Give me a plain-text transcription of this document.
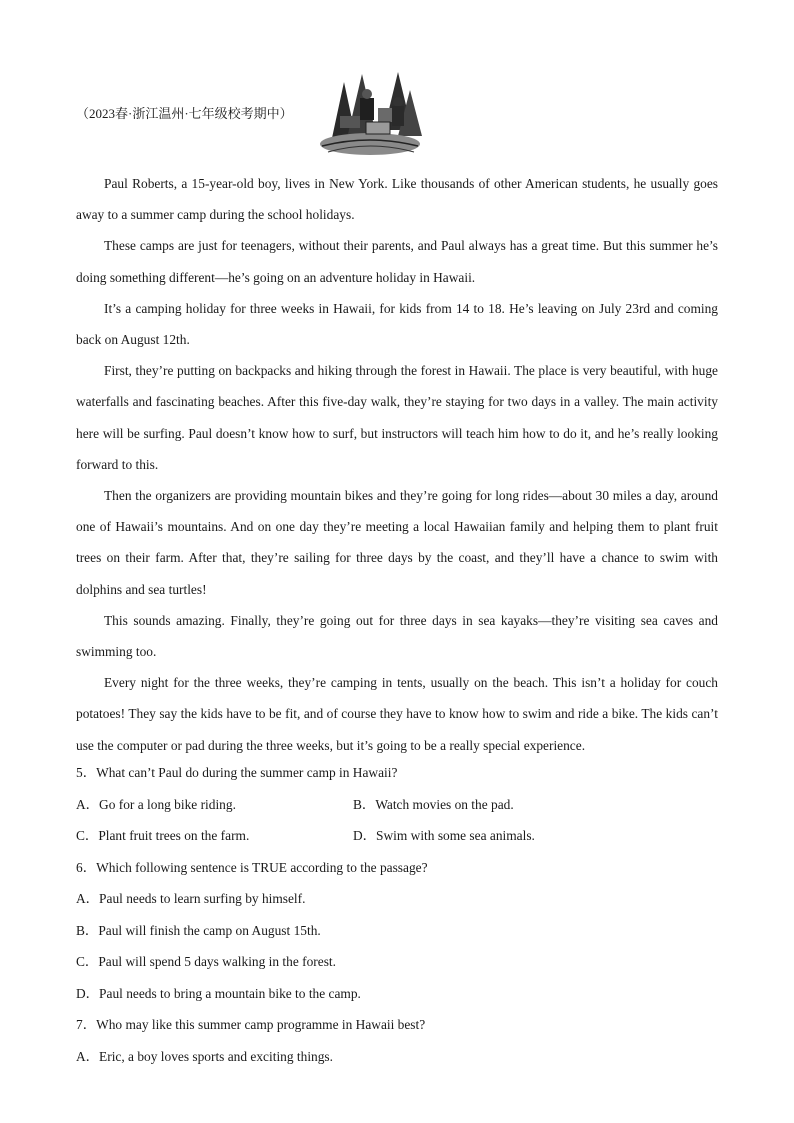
（2023春·浙江温州·七年级校考期中）

Paul Roberts, a 15-year-old boy, lives in New York. Like thousands of other American students, he usually goes away to a summer camp during the school holidays.

These camps are just for teenagers, without their parents, and Paul always has a great time. But this summer he’s doing something different—he’s going on an adventure holiday in Hawaii.

It’s a camping holiday for three weeks in Hawaii, for kids from 14 to 18. He’s leaving on July 23rd and coming back on August 12th.

First, they’re putting on backpacks and hiking through the forest in Hawaii. The place is very beautiful, with huge waterfalls and fascinating beaches. After this five-day walk, they’re staying for two days in a valley. The main activity here will be surfing. Paul doesn’t know how to surf, but instructors will teach him how to do it, and he’s really looking forward to this.

Then the organizers are providing mountain bikes and they’re going for long rides—about 30 miles a day, around one of Hawaii’s mountains. And on one day they’re meeting a local Hawaiian family and helping them to plant fruit trees on their farm. After that, they’re sailing for three days by the coast, and they’ll have a chance to swim with dolphins and sea turtles!

This sounds amazing. Finally, they’re going out for three days in sea kayaks—they’re visiting sea caves and swimming too.

Every night for the three weeks, they’re camping in tents, usually on the beach. This isn’t a holiday for couch potatoes! They say the kids have to be fit, and of course they have to know how to swim and ride a bike. The kids can’t use the computer or pad during the three weeks, but it’s going to be a really special experience.

5．What can’t Paul do during the summer camp in Hawaii?

A．Go for a long bike riding.	B．Watch movies on the pad.

C．Plant fruit trees on the farm.	D．Swim with some sea animals.

6．Which following sentence is TRUE according to the passage?

A．Paul needs to learn surfing by himself.

B．Paul will finish the camp on August 15th.

C．Paul will spend 5 days walking in the forest.

D．Paul needs to bring a mountain bike to the camp.

7．Who may like this summer camp programme in Hawaii best?

A．Eric, a boy loves sports and exciting things.
